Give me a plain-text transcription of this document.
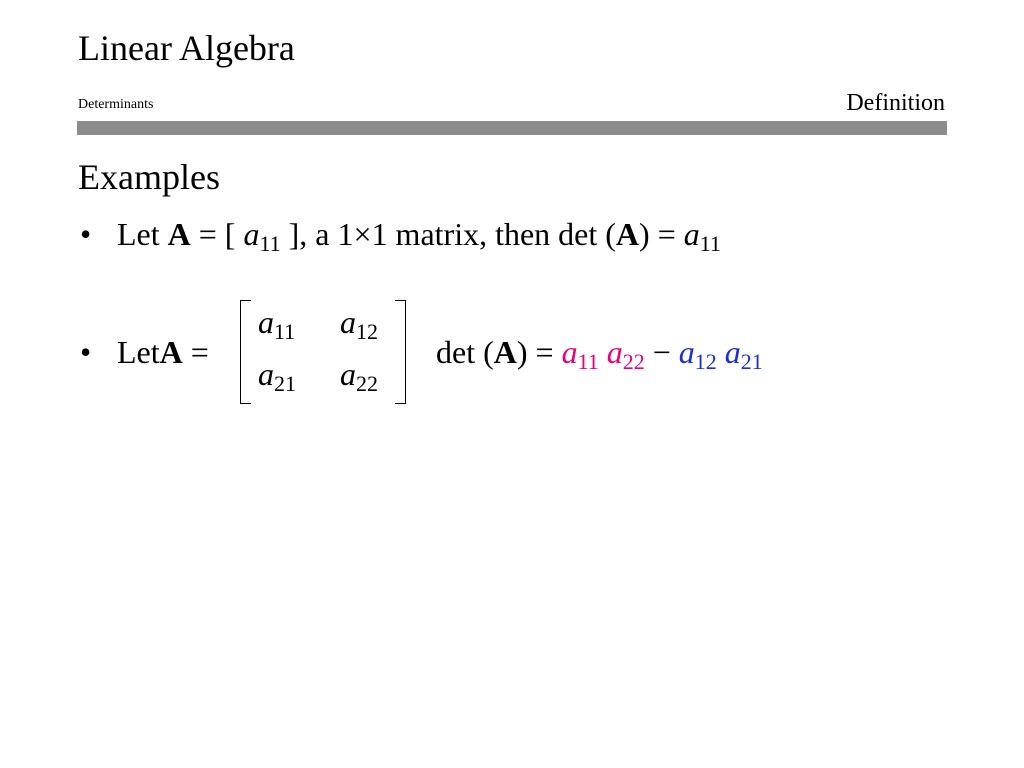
Linear Algebra
Determinants	Definition
Examples
• Let A = [ $a_{11}$ ], a 1×1 matrix, then $\det (A) = a_{11}$
• LetA =
$a_{11}$ $a_{12}$
$a_{21}$ $a_{22}$
$\det (A) = a_{11}$ $a_{22} - a_{12}$ $a_{21}$
